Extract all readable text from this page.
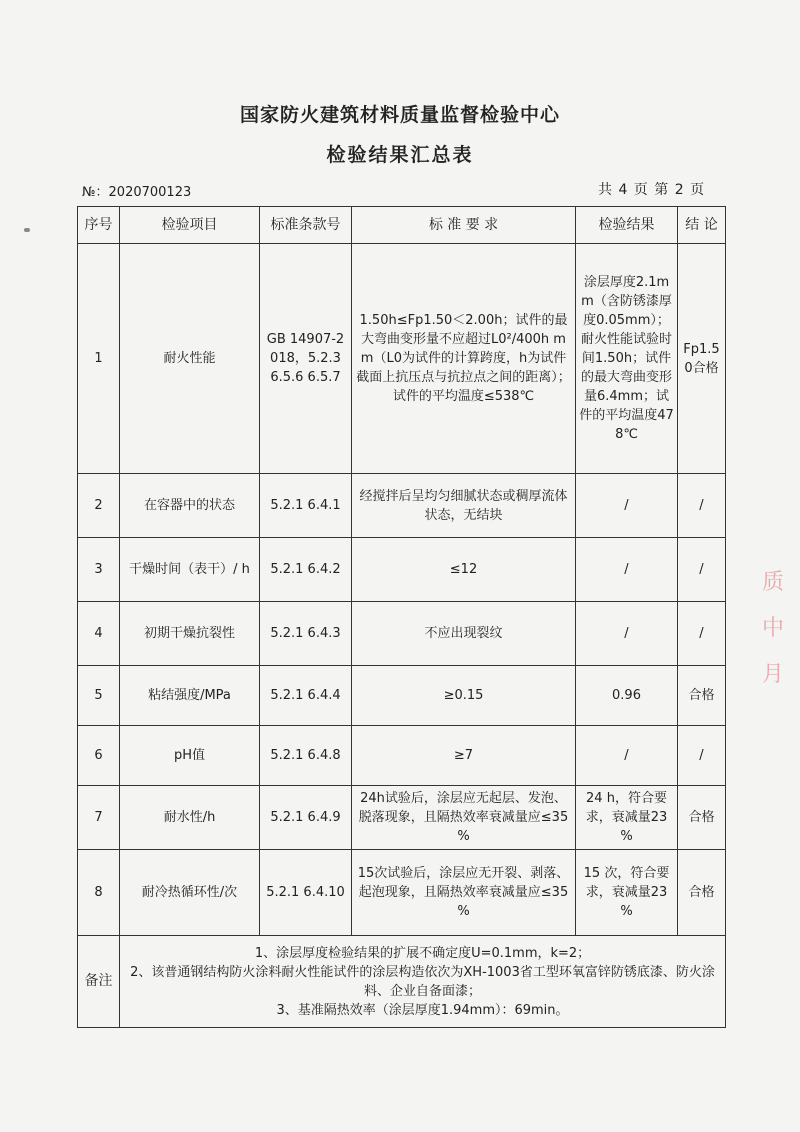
国家防火建筑材料质量监督检验中心
检验结果汇总表
№：2020700123	共 4 页 第 2 页
序号	检验项目	标准条款号	标 准 要 求	检验结果	结 论
1	耐火性能	GB 14907-2018，5.2.3 6.5.6 6.5.7	1.50h≤Fp1.50＜2.00h；试件的最大弯曲变形量不应超过L0²/400h mm（L0为试件的计算跨度，h为试件截面上抗压点与抗拉点之间的距离）；试件的平均温度≤538℃	涂层厚度2.1mm（含防锈漆厚度0.05mm）；耐火性能试验时间1.50h；试件的最大弯曲变形量6.4mm；试件的平均温度478℃	Fp1.50合格
2	在容器中的状态	5.2.1 6.4.1	经搅拌后呈均匀细腻状态或稠厚流体状态，无结块	/	/
3	干燥时间（表干）/ h	5.2.1 6.4.2	≤12	/	/
4	初期干燥抗裂性	5.2.1 6.4.3	不应出现裂纹	/	/
5	粘结强度/MPa	5.2.1 6.4.4	≥0.15	0.96	合格
6	pH值	5.2.1 6.4.8	≥7	/	/
7	耐水性/h	5.2.1 6.4.9	24h试验后，涂层应无起层、发泡、脱落现象，且隔热效率衰减量应≤35 %	24 h，符合要求，衰减量23 %	合格
8	耐冷热循环性/次	5.2.1 6.4.10	15次试验后，涂层应无开裂、剥落、起泡现象，且隔热效率衰减量应≤35 %	15 次，符合要求，衰减量23 %	合格
备注	1、涂层厚度检验结果的扩展不确定度U=0.1mm，k=2；
2、该普通钢结构防火涂料耐火性能试件的涂层构造依次为XH-1003省工型环氧富锌防锈底漆、防火涂料、企业自备面漆；
3、基准隔热效率（涂层厚度1.94mm）：69min。				
质 中 月
